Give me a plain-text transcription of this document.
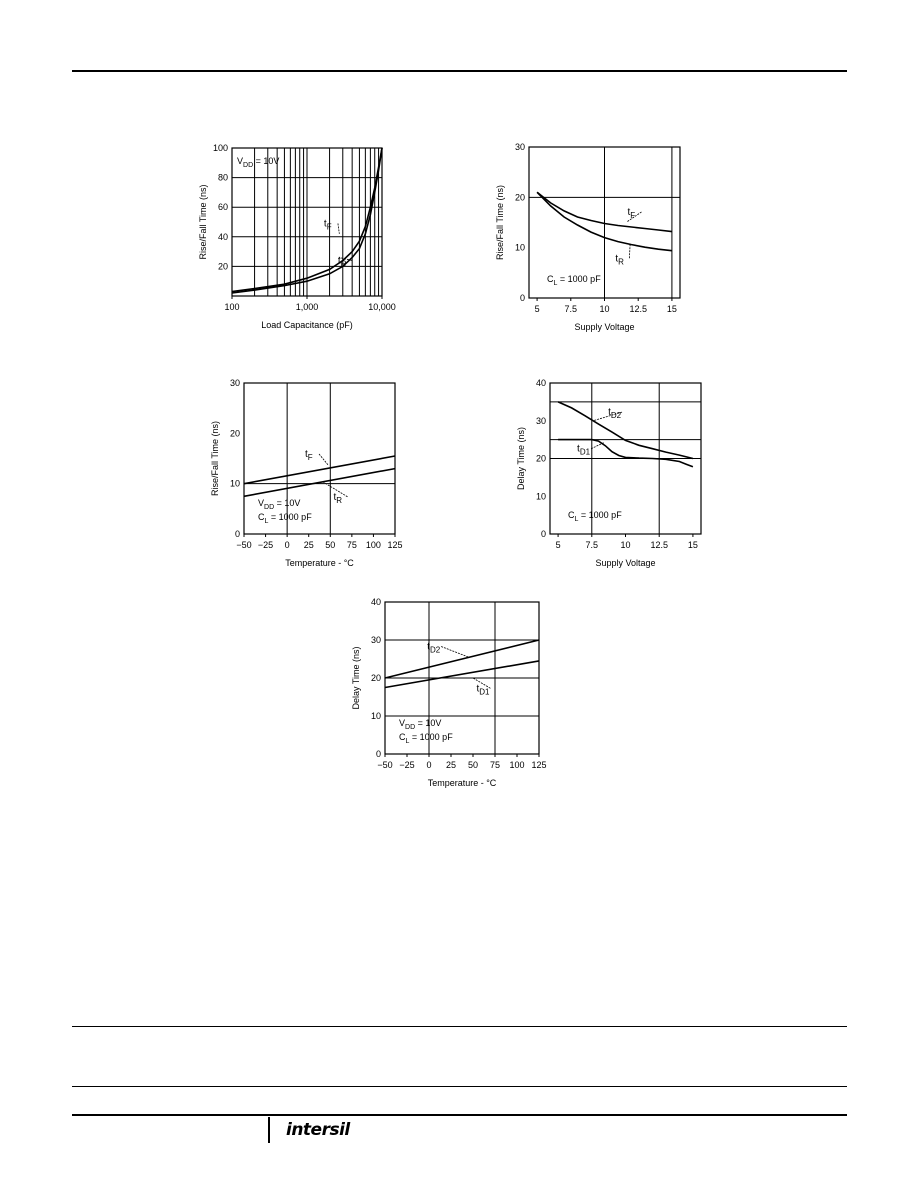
100	1,000	10,000
20
40
60
80
100
Load Capacitance (pF)
Rise/Fall Time (ns)	$t_F$
$t_R$
$V_{DD} = 10V$
5	7.5 10 12.5 15
0
10
20
30
Supply Voltage
Rise/Fall Time (ns)	$t_F$
$t_R$
$C_L = 1000$ pF
−50 −25 0 25 50 75 100 125
0
10
20
30
Temperature - °C
Rise/Fall Time (ns)	$t_F$
$t_R$
$V_{DD} = 10V$
$C_L = 1000$ pF
5	7.5 10 12.5 15
0
10
20
30
40
Supply Voltage
Delay Time (ns)
$t_{D2}$
$t_{D1}$
$C_L = 1000$ pF
−50 −25 0 25 50 75 100 125
0
10
20
30
40
Temperature - °C
Delay Time (ns)	$t_{D2}$
$t_{D1}$
$V_{DD} = 10V$
$C_L = 1000$ pF
intersil
